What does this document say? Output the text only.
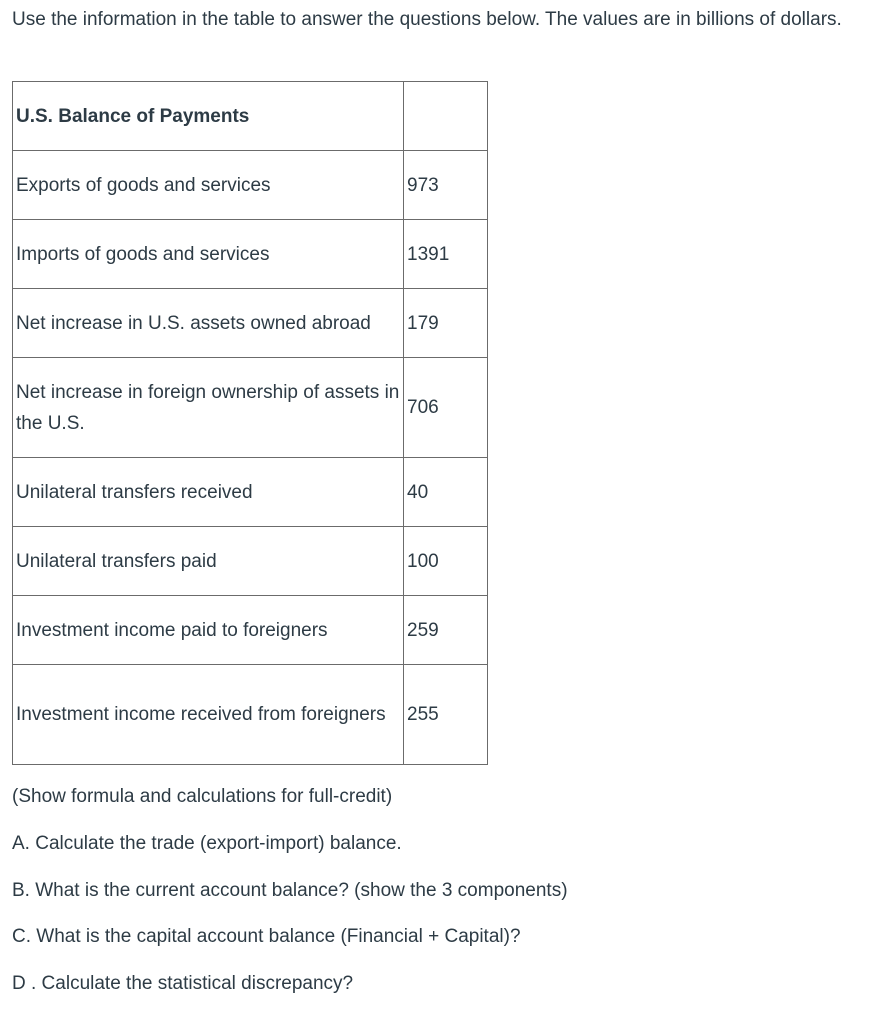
Use the information in the table to answer the questions below. The values are in billions of dollars.

U.S. Balance of Payments	
Exports of goods and services	973
Imports of goods and services	1391
Net increase in U.S. assets owned abroad	179
Net increase in foreign ownership of assets in the U.S.	706
Unilateral transfers received	40
Unilateral transfers paid	100
Investment income paid to foreigners	259
Investment income received from foreigners	255

(Show formula and calculations for full-credit)

A. Calculate the trade (export-import) balance.

B. What is the current account balance? (show the 3 components)

C. What is the capital account balance (Financial + Capital)?

D . Calculate the statistical discrepancy?
